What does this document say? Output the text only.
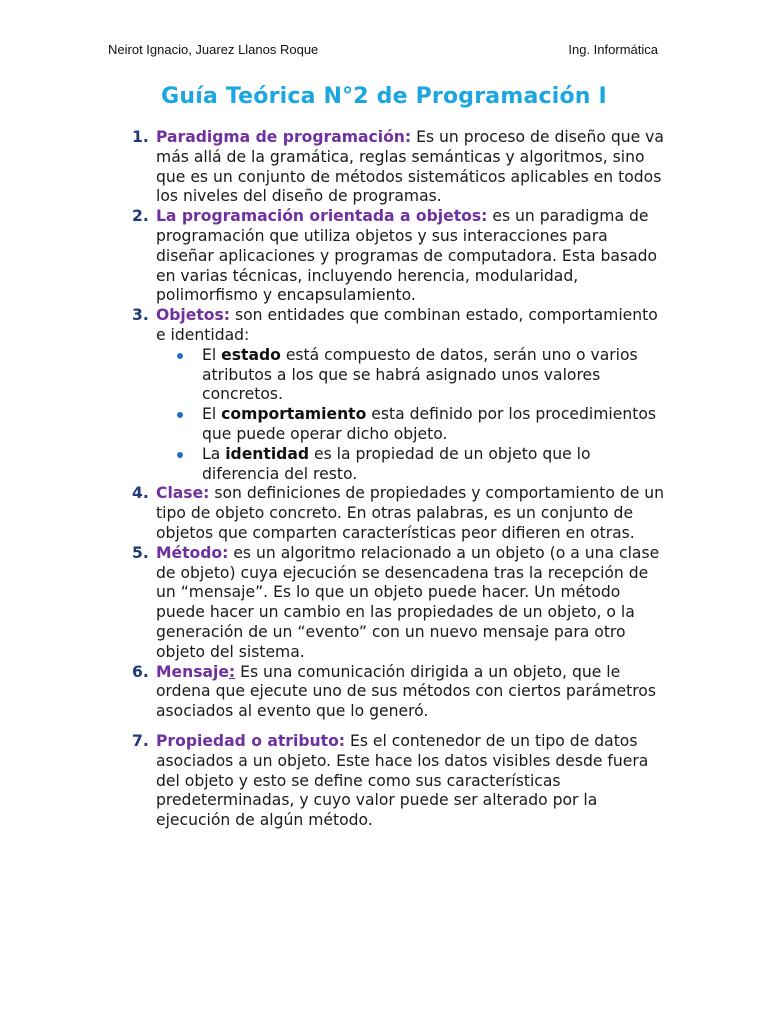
Neirot Ignacio, Juarez Llanos Roque	Ing. Informática
Guía Teórica N°2 de Programación I
1. Paradigma de programación: Es un proceso de diseño que va más allá de la gramática, reglas semánticas y algoritmos, sino que es un conjunto de métodos sistemáticos aplicables en todos los niveles del diseño de programas.
2. La programación orientada a objetos: es un paradigma de programación que utiliza objetos y sus interacciones para diseñar aplicaciones y programas de computadora. Esta basado en varias técnicas, incluyendo herencia, modularidad, polimorfismo y encapsulamiento.
3. Objetos: son entidades que combinan estado, comportamiento e identidad:
El estado está compuesto de datos, serán uno o varios atributos a los que se habrá asignado unos valores concretos.
El comportamiento esta definido por los procedimientos que puede operar dicho objeto.
La identidad es la propiedad de un objeto que lo diferencia del resto.
4. Clase: son definiciones de propiedades y comportamiento de un tipo de objeto concreto. En otras palabras, es un conjunto de objetos que comparten características peor difieren en otras.
5. Método: es un algoritmo relacionado a un objeto (o a una clase de objeto) cuya ejecución se desencadena tras la recepción de un “mensaje”. Es lo que un objeto puede hacer. Un método puede hacer un cambio en las propiedades de un objeto, o la generación de un “evento” con un nuevo mensaje para otro objeto del sistema.
6. Mensaje: Es una comunicación dirigida a un objeto, que le ordena que ejecute uno de sus métodos con ciertos parámetros asociados al evento que lo generó.
7. Propiedad o atributo: Es el contenedor de un tipo de datos asociados a un objeto. Este hace los datos visibles desde fuera del objeto y esto se define como sus características predeterminadas, y cuyo valor puede ser alterado por la ejecución de algún método.
